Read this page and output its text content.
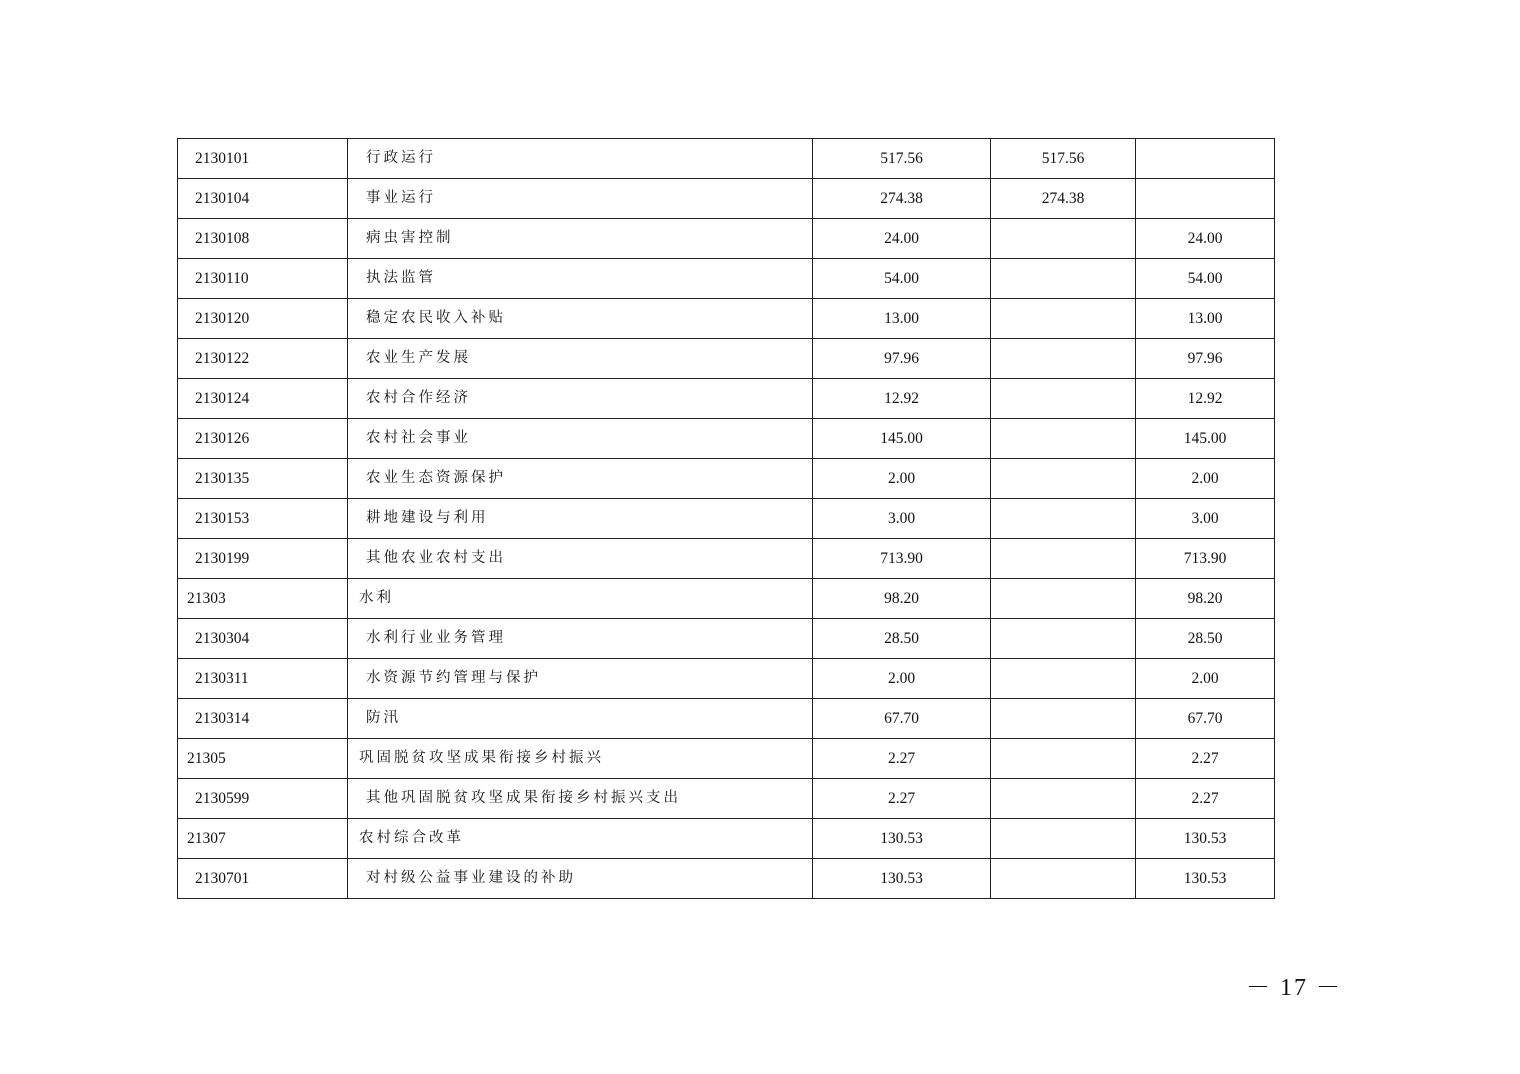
2130101	行政运行	517.56	517.56	
2130104	事业运行	274.38	274.38	
2130108	病虫害控制	24.00		24.00
2130110	执法监管	54.00		54.00
2130120	稳定农民收入补贴	13.00		13.00
2130122	农业生产发展	97.96		97.96
2130124	农村合作经济	12.92		12.92
2130126	农村社会事业	145.00		145.00
2130135	农业生态资源保护	2.00		2.00
2130153	耕地建设与利用	3.00		3.00
2130199	其他农业农村支出	713.90		713.90
21303	水利	98.20		98.20
2130304	水利行业业务管理	28.50		28.50
2130311	水资源节约管理与保护	2.00		2.00
2130314	防汛	67.70		67.70
21305	巩固脱贫攻坚成果衔接乡村振兴	2.27		2.27
2130599	其他巩固脱贫攻坚成果衔接乡村振兴支出	2.27		2.27
21307	农村综合改革	130.53		130.53
2130701	对村级公益事业建设的补助	130.53		130.53
－ 17 －
